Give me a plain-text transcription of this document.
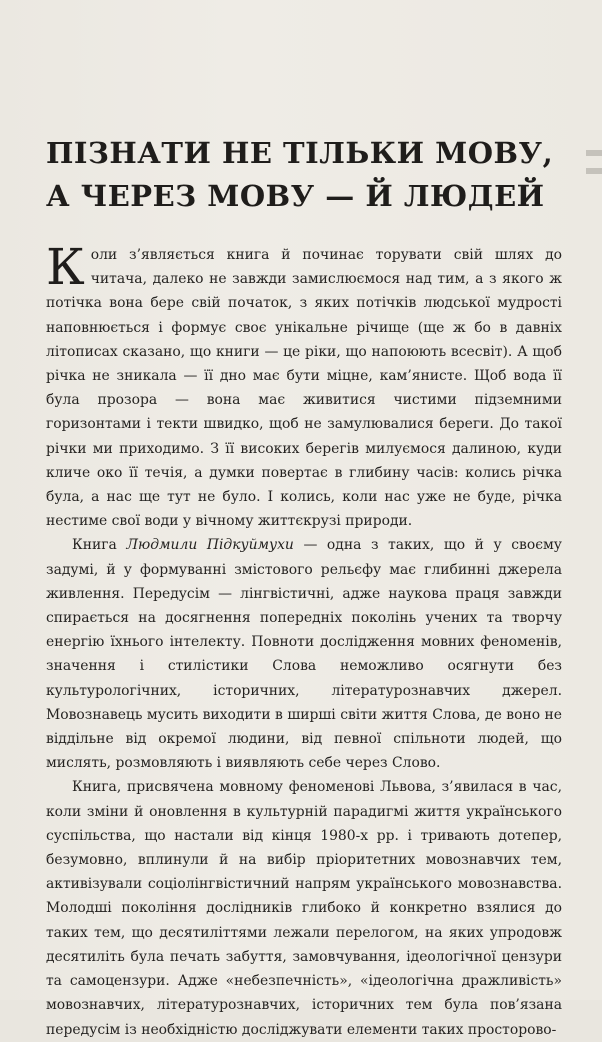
ПІЗНАТИ НЕ ТІЛЬКИ МОВУ,
А ЧЕРЕЗ МОВУ — Й ЛЮДЕЙ

Коли з’являється книга й починає торувати свій шлях до читача, далеко не завжди замислюємося над тим, а з якого ж потічка вона бере свій початок, з яких потічків людської мудрості наповнюється і формує своє унікальне річище (ще ж бо в давніх літописах сказано, що книги — це ріки, що напоюють всесвіт). А щоб річка не зникала — її дно має бути міцне, кам’янисте. Щоб вода її була прозора — вона має живитися чистими підземними горизонтами і текти швидко, щоб не замулювалися береги. До такої річки ми приходимо. З її високих берегів милуємося далиною, куди кличе око її течія, а думки повертає в глибину часів: колись річка була, а нас ще тут не було. І колись, коли нас уже не буде, річка нестиме свої води у вічному життєкрузі природи.

Книга Людмили Підкуймухи — одна з таких, що й у своєму задумі, й у формуванні змістового рельєфу має глибинні джерела живлення. Передусім — лінгвістичні, адже наукова праця завжди спирається на досягнення попередніх поколінь учених та творчу енергію їхнього інтелекту. Повноти дослідження мовних феноменів, значення і стилістики Слова неможливо осягнути без культурологічних, історичних, літературознавчих джерел. Мовознавець мусить виходити в ширші світи життя Слова, де воно не віддільне від окремої людини, від певної спільноти людей, що мислять, розмовляють і виявляють себе через Слово.

Книга, присвячена мовному феноменові Львова, з’явилася в час, коли зміни й оновлення в культурній парадигмі життя українського суспільства, що настали від кінця 1980-х рр. і тривають дотепер, безумовно, вплинули й на вибір пріоритетних мовознавчих тем, активізували соціолінгвістичний напрям українського мовознавства. Молодші покоління дослідників глибоко й конкретно взялися до таких тем, що десятиліттями лежали перелогом, на яких упродовж десятиліть була печать забуття, замовчування, ідеологічної цензури та самоцензури. Адже «небезпечність», «ідеологічна дражливість» мовознавчих, літературознавчих, історичних тем була пов’язана передусім із необхідністю досліджувати елементи таких просторово-
